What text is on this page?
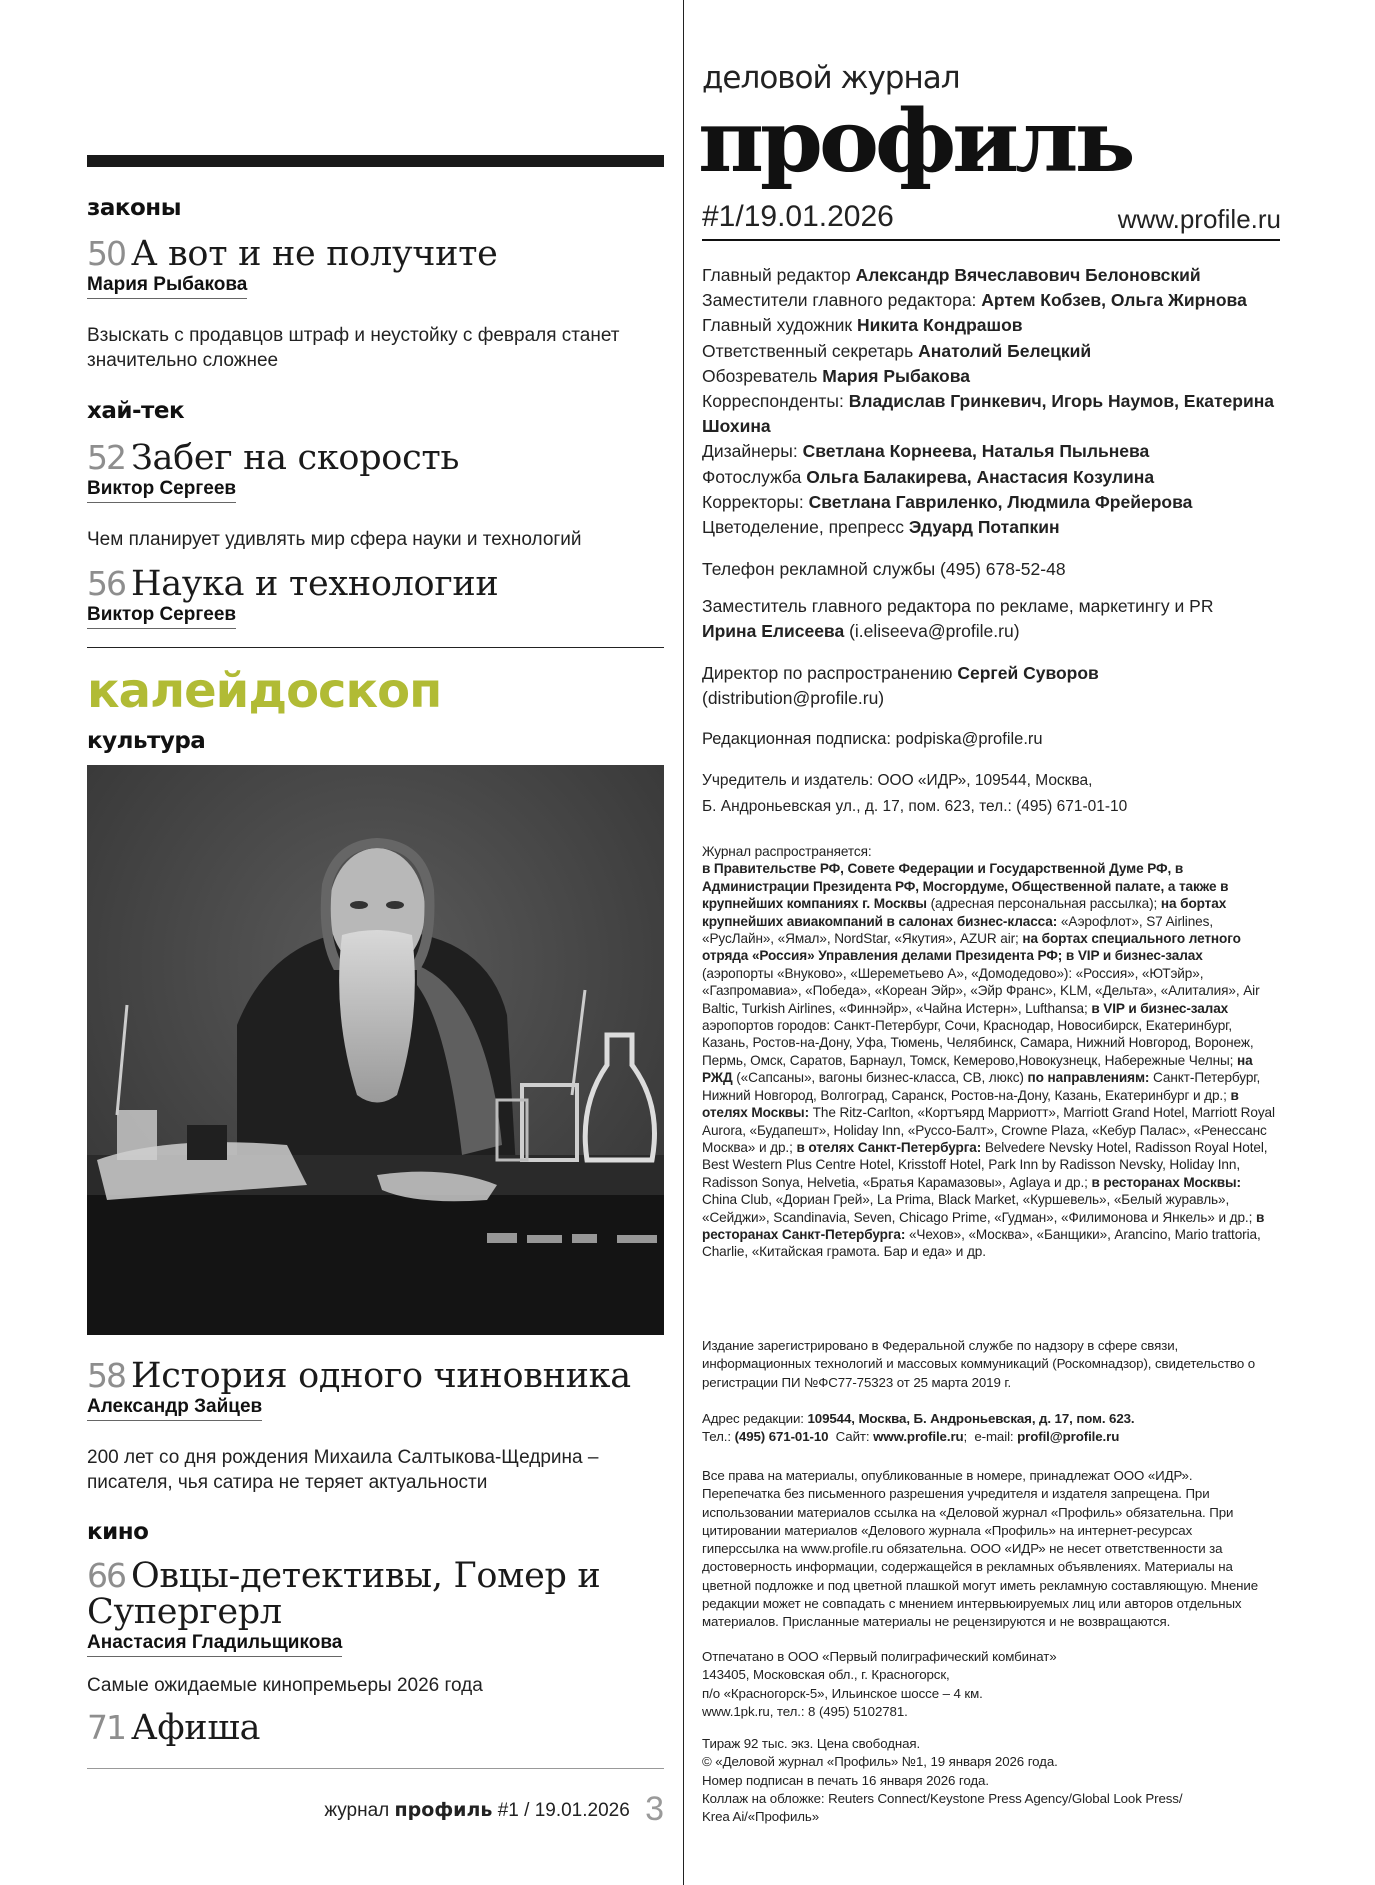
законы
50 А вот и не получите
Мария Рыбакова
Взыскать с продавцов штраф и неустойку с февраля станет значительно сложнее
хай-тек
52 Забег на скорость
Виктор Сергеев
Чем планирует удивлять мир сфера науки и технологий
56 Наука и технологии
Виктор Сергеев
калейдоскоп
культура
58 История одного чиновника
Александр Зайцев
200 лет со дня рождения Михаила Салтыкова-Щедрина – писателя, чья сатира не теряет актуальности
кино
66 Овцы-детективы, Гомер и Супергерл
Анастасия Гладильщикова
Самые ожидаемые кинопремьеры 2026 года
71 Афиша
журнал профиль #1 / 19.01.2026 3
деловой журнал
профиль
#1/19.01.2026	www.profile.ru
Главный редактор Александр Вячеславович Белоновский
Заместители главного редактора: Артем Кобзев, Ольга Жирнова
Главный художник Никита Кондрашов
Ответственный секретарь Анатолий Белецкий
Обозреватель Мария Рыбакова
Корреспонденты: Владислав Гринкевич, Игорь Наумов, Екатерина Шохина
Дизайнеры: Светлана Корнеева, Наталья Пыльнева
Фотослужба Ольга Балакирева, Анастасия Козулина
Корректоры: Светлана Гавриленко, Людмила Фрейерова
Цветоделение, препресс Эдуард Потапкин
Телефон рекламной службы (495) 678-52-48
Заместитель главного редактора по рекламе, маркетингу и PR
Ирина Елисеева (i.eliseeva@profile.ru)
Директор по распространению Сергей Суворов
(distribution@profile.ru)
Редакционная подписка: podpiska@profile.ru
Учредитель и издатель: ООО «ИДР», 109544, Москва,
Б. Андроньевская ул., д. 17, пом. 623, тел.: (495) 671-01-10
Журнал распространяется:
в Правительстве РФ, Совете Федерации и Государственной Думе РФ, в Администрации Президента РФ, Мосгордуме, Общественной палате, а также в крупнейших компаниях г. Москвы (адресная персональная рассылка); на бортах крупнейших авиакомпаний в салонах бизнес-класса: «Аэрофлот», S7 Airlines, «РусЛайн», «Ямал», NordStar, «Якутия», AZUR air; на бортах специального летного отряда «Россия» Управления делами Президента РФ; в VIP и бизнес-залах (аэропорты «Внуково», «Шереметьево А», «Домодедово»): «Россия», «ЮТэйр», «Газпромавиа», «Победа», «Кореан Эйр», «Эйр Франс», KLM, «Дельта», «Алиталия», Air Baltic, Turkish Airlines, «Финнэйр», «Чайна Истерн», Lufthansa; в VIP и бизнес-залах аэропортов городов: Санкт-Петербург, Сочи, Краснодар, Новосибирск, Екатеринбург, Казань, Ростов-на-Дону, Уфа, Тюмень, Челябинск, Самара, Нижний Новгород, Воронеж, Пермь, Омск, Саратов, Барнаул, Томск, Кемерово,Новокузнецк, Набережные Челны; на РЖД («Сапсаны», вагоны бизнес-класса, СВ, люкс) по направлениям: Санкт-Петербург, Нижний Новгород, Волгоград, Саранск, Ростов-на-Дону, Казань, Екатеринбург и др.; в отелях Москвы: The Ritz-Carlton, «Кортъярд Марриотт», Marriott Grand Hotel, Marriott Royal Aurora, «Будапешт», Holiday Inn, «Руссо-Балт», Crowne Plaza, «Кебур Палас», «Ренессанс Москва» и др.; в отелях Санкт-Петербурга: Belvedere Nevsky Hotel, Radisson Royal Hotel, Best Western Plus Centre Hotel, Krisstoff Hotel, Park Inn by Radisson Nevsky, Holiday Inn, Radisson Sonya, Helvetia, «Братья Карамазовы», Aglaya и др.; в ресторанах Москвы: China Club, «Дориан Грей», La Prima, Black Market, «Куршевель», «Белый журавль», «Сейджи», Scandinavia, Seven, Chicago Prime, «Гудман», «Филимонова и Янкель» и др.; в ресторанах Санкт-Петербурга: «Чехов», «Москва», «Банщики», Arancino, Mario trattoria, Charlie, «Китайская грамота. Бар и еда» и др.
Издание зарегистрировано в Федеральной службе по надзору в сфере связи, информационных технологий и массовых коммуникаций (Роскомнадзор), свидетельство о регистрации ПИ №ФС77-75323 от 25 марта 2019 г.
Адрес редакции: 109544, Москва, Б. Андроньевская, д. 17, пом. 623.
Тел.: (495) 671-01-10  Сайт: www.profile.ru;  e-mail: profil@profile.ru
Все права на материалы, опубликованные в номере, принадлежат ООО «ИДР». Перепечатка без письменного разрешения учредителя и издателя запрещена. При использовании материалов ссылка на «Деловой журнал «Профиль» обязательна. При цитировании материалов «Делового журнала «Профиль» на интернет-ресурсах гиперссылка на www.profile.ru обязательна. ООО «ИДР» не несет ответственности за достоверность информации, содержащейся в рекламных объявлениях. Материалы на цветной подложке и под цветной плашкой могут иметь рекламную составляющую. Мнение редакции может не совпадать с мнением интервьюируемых лиц или авторов отдельных материалов. Присланные материалы не рецензируются и не возвращаются.
Отпечатано в ООО «Первый полиграфический комбинат»
143405, Московская обл., г. Красногорск,
п/о «Красногорск-5», Ильинское шоссе – 4 км.
www.1pk.ru, тел.: 8 (495) 5102781.
Тираж 92 тыс. экз. Цена свободная.
© «Деловой журнал «Профиль» №1, 19 января 2026 года.
Номер подписан в печать 16 января 2026 года.
Коллаж на обложке: Reuters Connect/Keystone Press Agency/Global Look Press/
Krea Ai/«Профиль»
